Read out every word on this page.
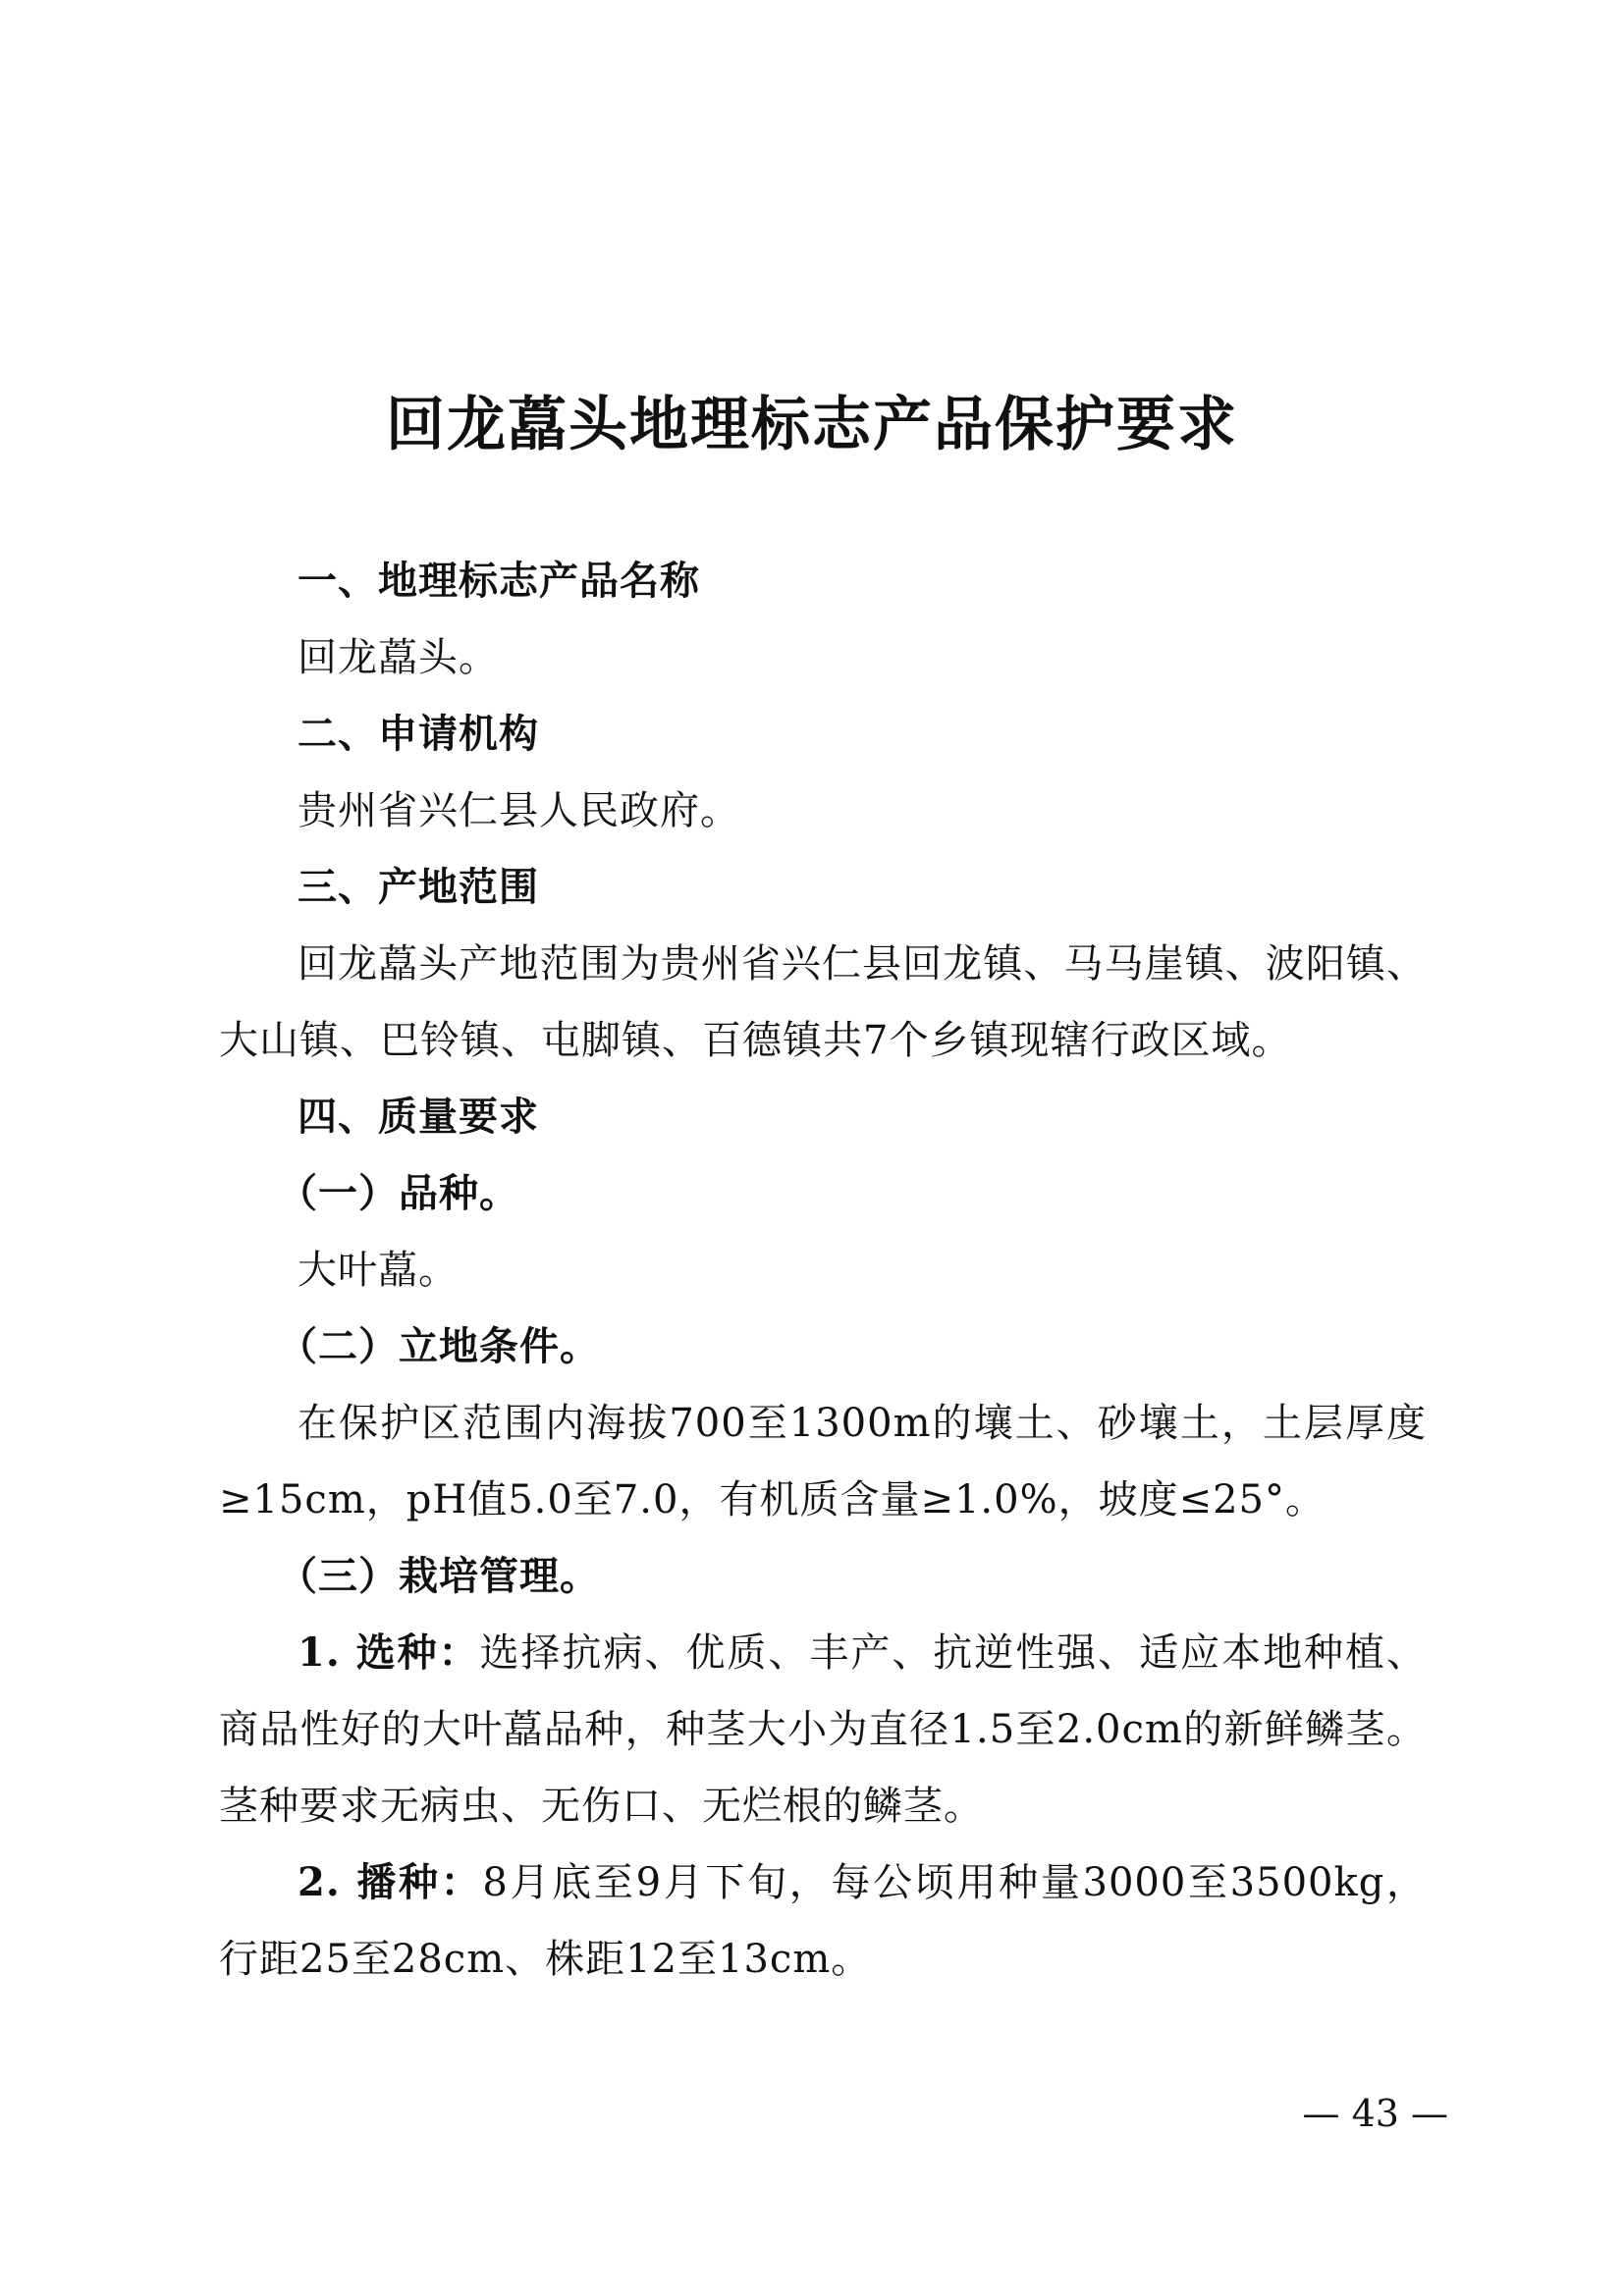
回龙藠头地理标志产品保护要求

一、地理标志产品名称

回龙藠头。

二、申请机构

贵州省兴仁县人民政府。

三、产地范围

回龙藠头产地范围为贵州省兴仁县回龙镇、马马崖镇、波阳镇、大山镇、巴铃镇、屯脚镇、百德镇共7个乡镇现辖行政区域。

四、质量要求

（一）品种。

大叶藠。

（二）立地条件。

在保护区范围内海拔700至1300m的壤土、砂壤土，土层厚度≥15cm，pH值5.0至7.0，有机质含量≥1.0%，坡度≤25°。

（三）栽培管理。

1. 选种：选择抗病、优质、丰产、抗逆性强、适应本地种植、商品性好的大叶藠品种，种茎大小为直径1.5至2.0cm的新鲜鳞茎。茎种要求无病虫、无伤口、无烂根的鳞茎。

2. 播种：8月底至9月下旬，每公顷用种量3000至3500kg，行距25至28cm、株距12至13cm。

— 43 —
